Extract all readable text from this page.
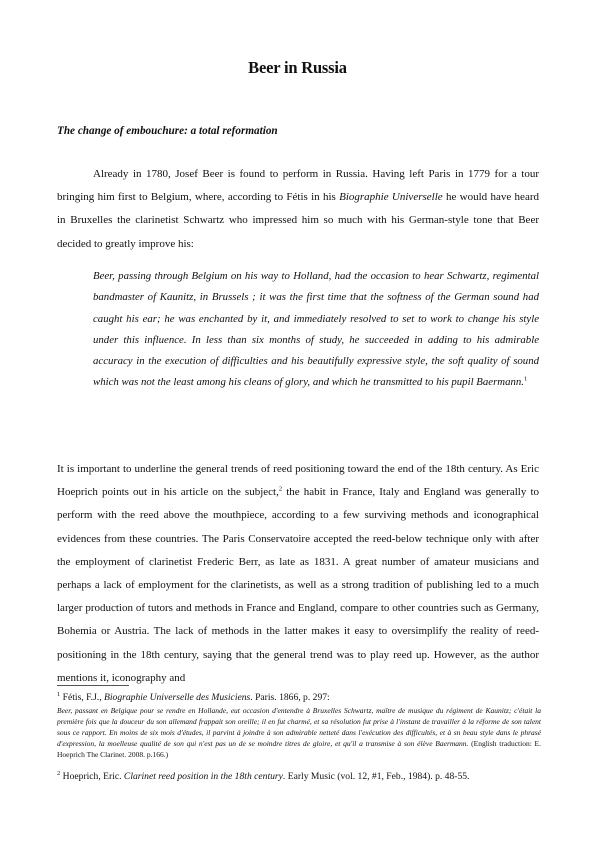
Beer in Russia
The change of embouchure: a total reformation

Already in 1780, Josef Beer is found to perform in Russia. Having left Paris in 1779 for a tour bringing him first to Belgium, where, according to Fétis in his Biographie Universelle he would have heard in Bruxelles the clarinetist Schwartz who impressed him so much with his German-style tone that Beer decided to greatly improve his:

Beer, passing through Belgium on his way to Holland, had the occasion to hear Schwartz, regimental bandmaster of Kaunitz, in Brussels ; it was the first time that the softness of the German sound had caught his ear; he was enchanted by it, and immediately resolved to set to work to change his style under this influence. In less than six months of study, he succeeded in adding to his admirable accuracy in the execution of difficulties and his beautifully expressive style, the soft quality of sound which was not the least among his cleans of glory, and which he transmitted to his pupil Baermann.$^1$

It is important to underline the general trends of reed positioning toward the end of the 18th century. As Eric Hoeprich points out in his article on the subject,$^2$ the habit in France, Italy and England was generally to perform with the reed above the mouthpiece, according to a few surviving methods and iconographical evidences from these countries. The Paris Conservatoire accepted the reed-below technique only with after the employment of clarinetist Frederic Berr, as late as 1831. A great number of amateur musicians and perhaps a lack of employment for the clarinetists, as well as a strong tradition of publishing led to a much larger production of tutors and methods in France and England, compare to other countries such as Germany, Bohemia or Austria. The lack of methods in the latter makes it easy to oversimplify the reality of reed-positioning in the 18th century, saying that the general trend was to play reed up. However, as the author mentions it, iconography and

$^1$ Fétis, F.J., Biographie Universelle des Musiciens. Paris. 1866, p. 297:

Beer, passant en Belgique pour se rendre en Hollande, eut occasion d'entendre à Bruxelles Schwartz, maître de musique du régiment de Kaunitz; c'était la première fois que la douceur du son allemand frappait son oreille; il en fut charmé, et sa résolution fut prise à l'instant de travailler à la réforme de son talent sous ce rapport. En moins de six mois d'études, il parvint à joindre à son admirable netteté dans l'exécution des difficultés, et à sn beau style dans le phrasé d'expression, la moelleuse qualité de son qui n'est pas un de se moindre titres de gloire, et qu'il a transmise à son élève Baermann. (English traduction: E. Hoeprich The Clarinet. 2008. p.166.)

$^2$ Hoeprich, Eric. Clarinet reed position in the 18th century. Early Music (vol. 12, #1, Feb., 1984). p. 48-55.
